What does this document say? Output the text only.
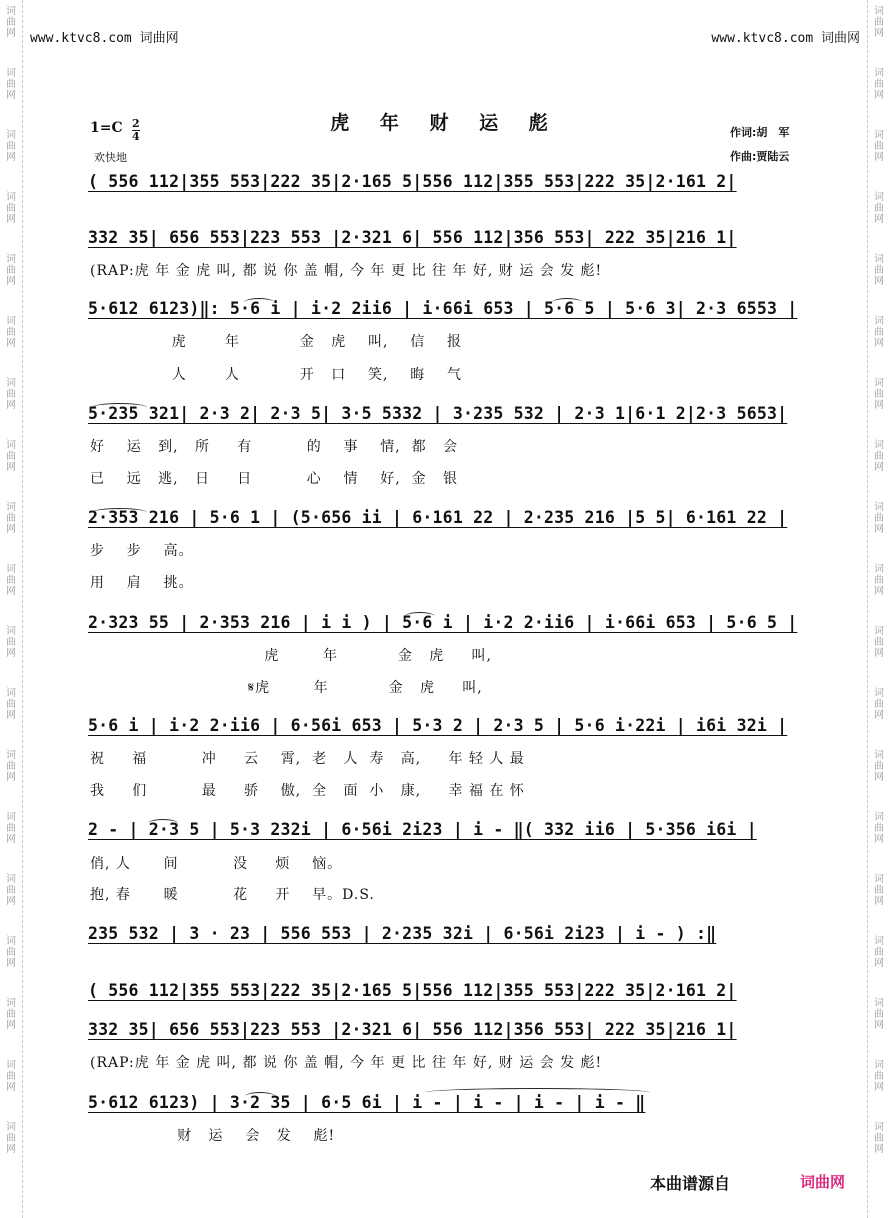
词
曲
网
词
曲
网
词
曲
网
词
曲
网
词
曲
网
词
曲
网
词
曲
网
词
曲
网
词
曲
网
词
曲
网
词
曲
网
词
曲
网
词
曲
网
词
曲
网
词
曲
网
词
曲
网
词
曲
网
词
曲
网
词
曲
网
词
曲
网
词
曲
网
词
曲
网
词
曲
网
词
曲
网
词
曲
网
词
曲
网
词
曲
网
词
曲
网
词
曲
网
词
曲
网
词
曲
网
词
曲
网
词
曲
网
词
曲
网
词
曲
网
词
曲
网
词
曲
网
词
曲
网
www.ktvc8.com 词曲网	www.ktvc8.com 词曲网
虎 年 财 运 彪
1=C 2
4
欢快地
作词:胡　军
作曲:贾陆云
( 556 112|355 553|222 35|2·165 5|556 112|355 553|222 35|2·161 2|
332 35| 656 553|223 553 |2·321 6| 556 112|356 553| 222 35|216 1|
(RAP:虎 年 金 虎 叫, 都 说 你 盖 帽, 今 年 更 比 往 年 好, 财 运 会 发 彪!
5·612 6123)‖: 5·6 i | i·2 2ii6 | i·66i 653 | 5·6 5 | 5·6 3| 2·3 6553 |
虎       年           金   虎    叫,    信    报
人       人           开   口    笑,    晦    气
5·235 321| 2·3 2| 2·3 5| 3·5 5332 | 3·235 532 | 2·3 1|6·1 2|2·3 5653|
好    运   到,   所     有          的    事    情,  都   会
已    远   逃,   日     日          心    情    好,  金   银
2·353 216 | 5·6 1 | (5·656 ii | 6·161 22 | 2·235 216 |5 5| 6·161 22 |
步    步    高。
用    肩    挑。
2·323 55 | 2·353 216 | i i ) | 5·6 i | i·2 2·ii6 | i·66i 653 | 5·6 5 |
虎        年           金   虎     叫,
𝄋虎        年           金   虎     叫,
5·6 i | i·2 2·ii6 | 6·56i 653 | 5·3 2 | 2·3 5 | 5·6 i·22i | i6i 32i |
祝     福          冲     云    霄,  老   人  寿   高,     年 轻 人 最
我     们          最     骄    傲,  全   面  小   康,     幸 福 在 怀
2 - | 2·3 5 | 5·3 232i | 6·56i 2i23 | i - ‖( 332 ii6 | 5·356 i6i |
俏, 人      间          没     烦    恼。
抱, 春      暖          花     开    早。D.S.
235 532 | 3 · 23 | 556 553 | 2·235 32i | 6·56i 2i23 | i - ) :‖
( 556 112|355 553|222 35|2·165 5|556 112|355 553|222 35|2·161 2|
332 35| 656 553|223 553 |2·321 6| 556 112|356 553| 222 35|216 1|
(RAP:虎 年 金 虎 叫, 都 说 你 盖 帽, 今 年 更 比 往 年 好, 财 运 会 发 彪!
5·612 6123) | 3·2 35 | 6·5 6i | i - | i - | i - | i - ‖
财   运    会   发    彪!
本曲谱源自	词曲网
